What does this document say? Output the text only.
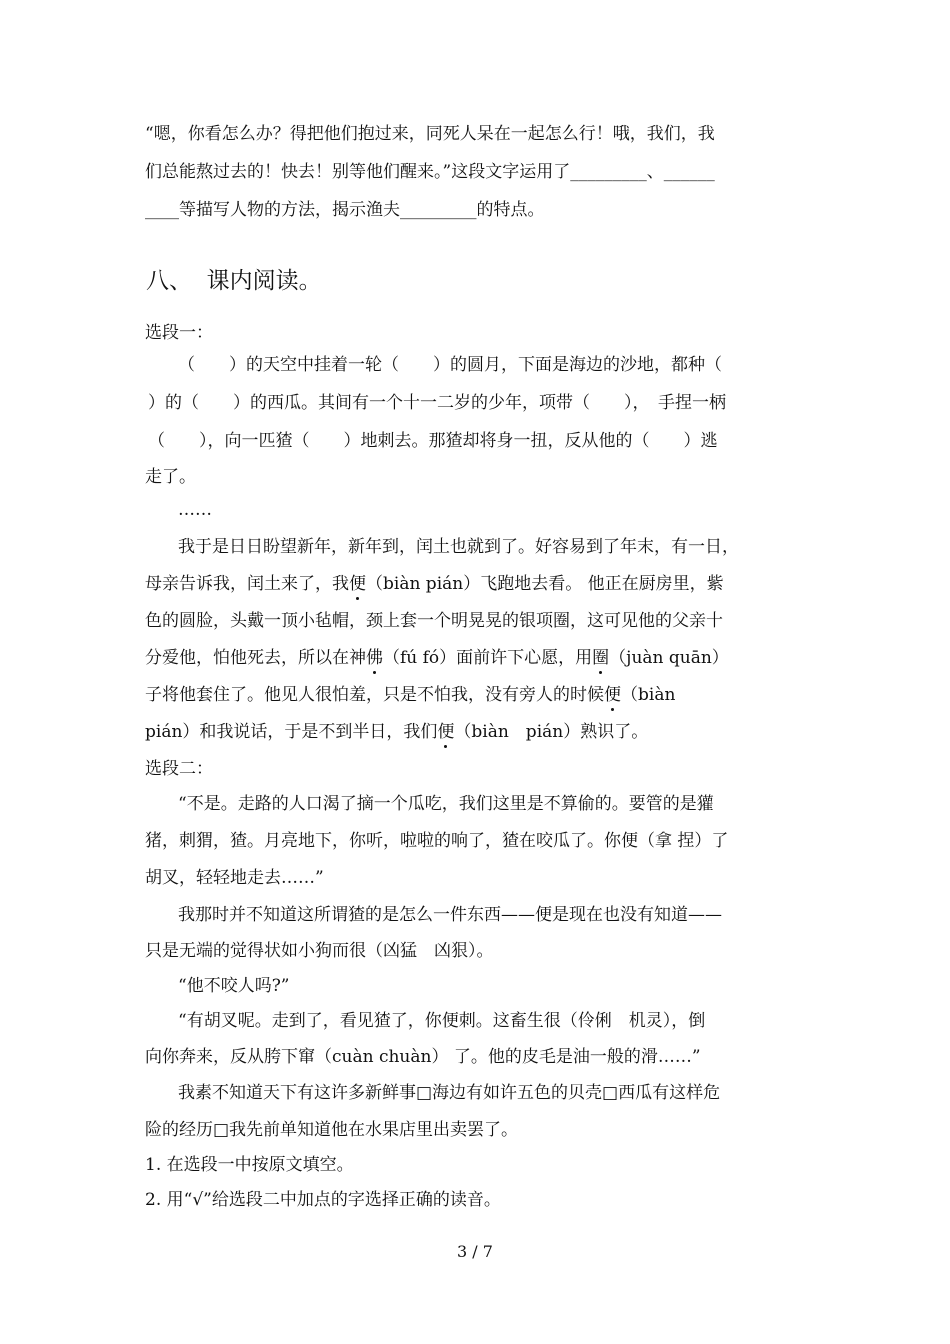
“嗯，你看怎么办？得把他们抱过来，同死人呆在一起怎么行！哦，我们，我
们总能熬过去的！快去！别等他们醒来。”这段文字运用了_________、______
____等描写人物的方法，揭示渔夫_________的特点。
八、  课内阅读。
选段一：
（　　）的天空中挂着一轮（　　）的圆月，下面是海边的沙地，都种（
）的（　　）的西瓜。其间有一个十一二岁的少年，项带（　　），　手捏一柄
（　　），向一匹猹（　　）地刺去。那猹却将身一扭，反从他的（　　）逃
走了。
……
我于是日日盼望新年，新年到，闰土也就到了。好容易到了年末，有一日，
母亲告诉我，闰土来了，我便（biàn pián）飞跑地去看。 他正在厨房里，紫
色的圆脸，头戴一顶小毡帽，颈上套一个明晃晃的银项圈，这可见他的父亲十
分爱他，怕他死去，所以在神佛（fú fó）面前许下心愿，用圈（juàn quān）
子将他套住了。他见人很怕羞，只是不怕我，没有旁人的时候便（biàn
pián）和我说话，于是不到半日，我们便（biàn　pián）熟识了。
选段二：
“不是。走路的人口渴了摘一个瓜吃，我们这里是不算偷的。要管的是獾
猪，刺猬，猹。月亮地下，你听，啦啦的响了，猹在咬瓜了。你便（拿 捏）了
胡叉，轻轻地走去……”
我那时并不知道这所谓猹的是怎么一件东西——便是现在也没有知道——
只是无端的觉得状如小狗而很（凶猛　凶狠）。
“他不咬人吗?”
“有胡叉呢。走到了，看见猹了，你便刺。这畜生很（伶俐　机灵），倒
向你奔来，反从胯下窜（cuàn chuàn） 了。他的皮毛是油一般的滑……”
我素不知道天下有这许多新鲜事□海边有如许五色的贝壳□西瓜有这样危
险的经历□我先前单知道他在水果店里出卖罢了。
1. 在选段一中按原文填空。
2. 用“√”给选段二中加点的字选择正确的读音。
3 / 7
